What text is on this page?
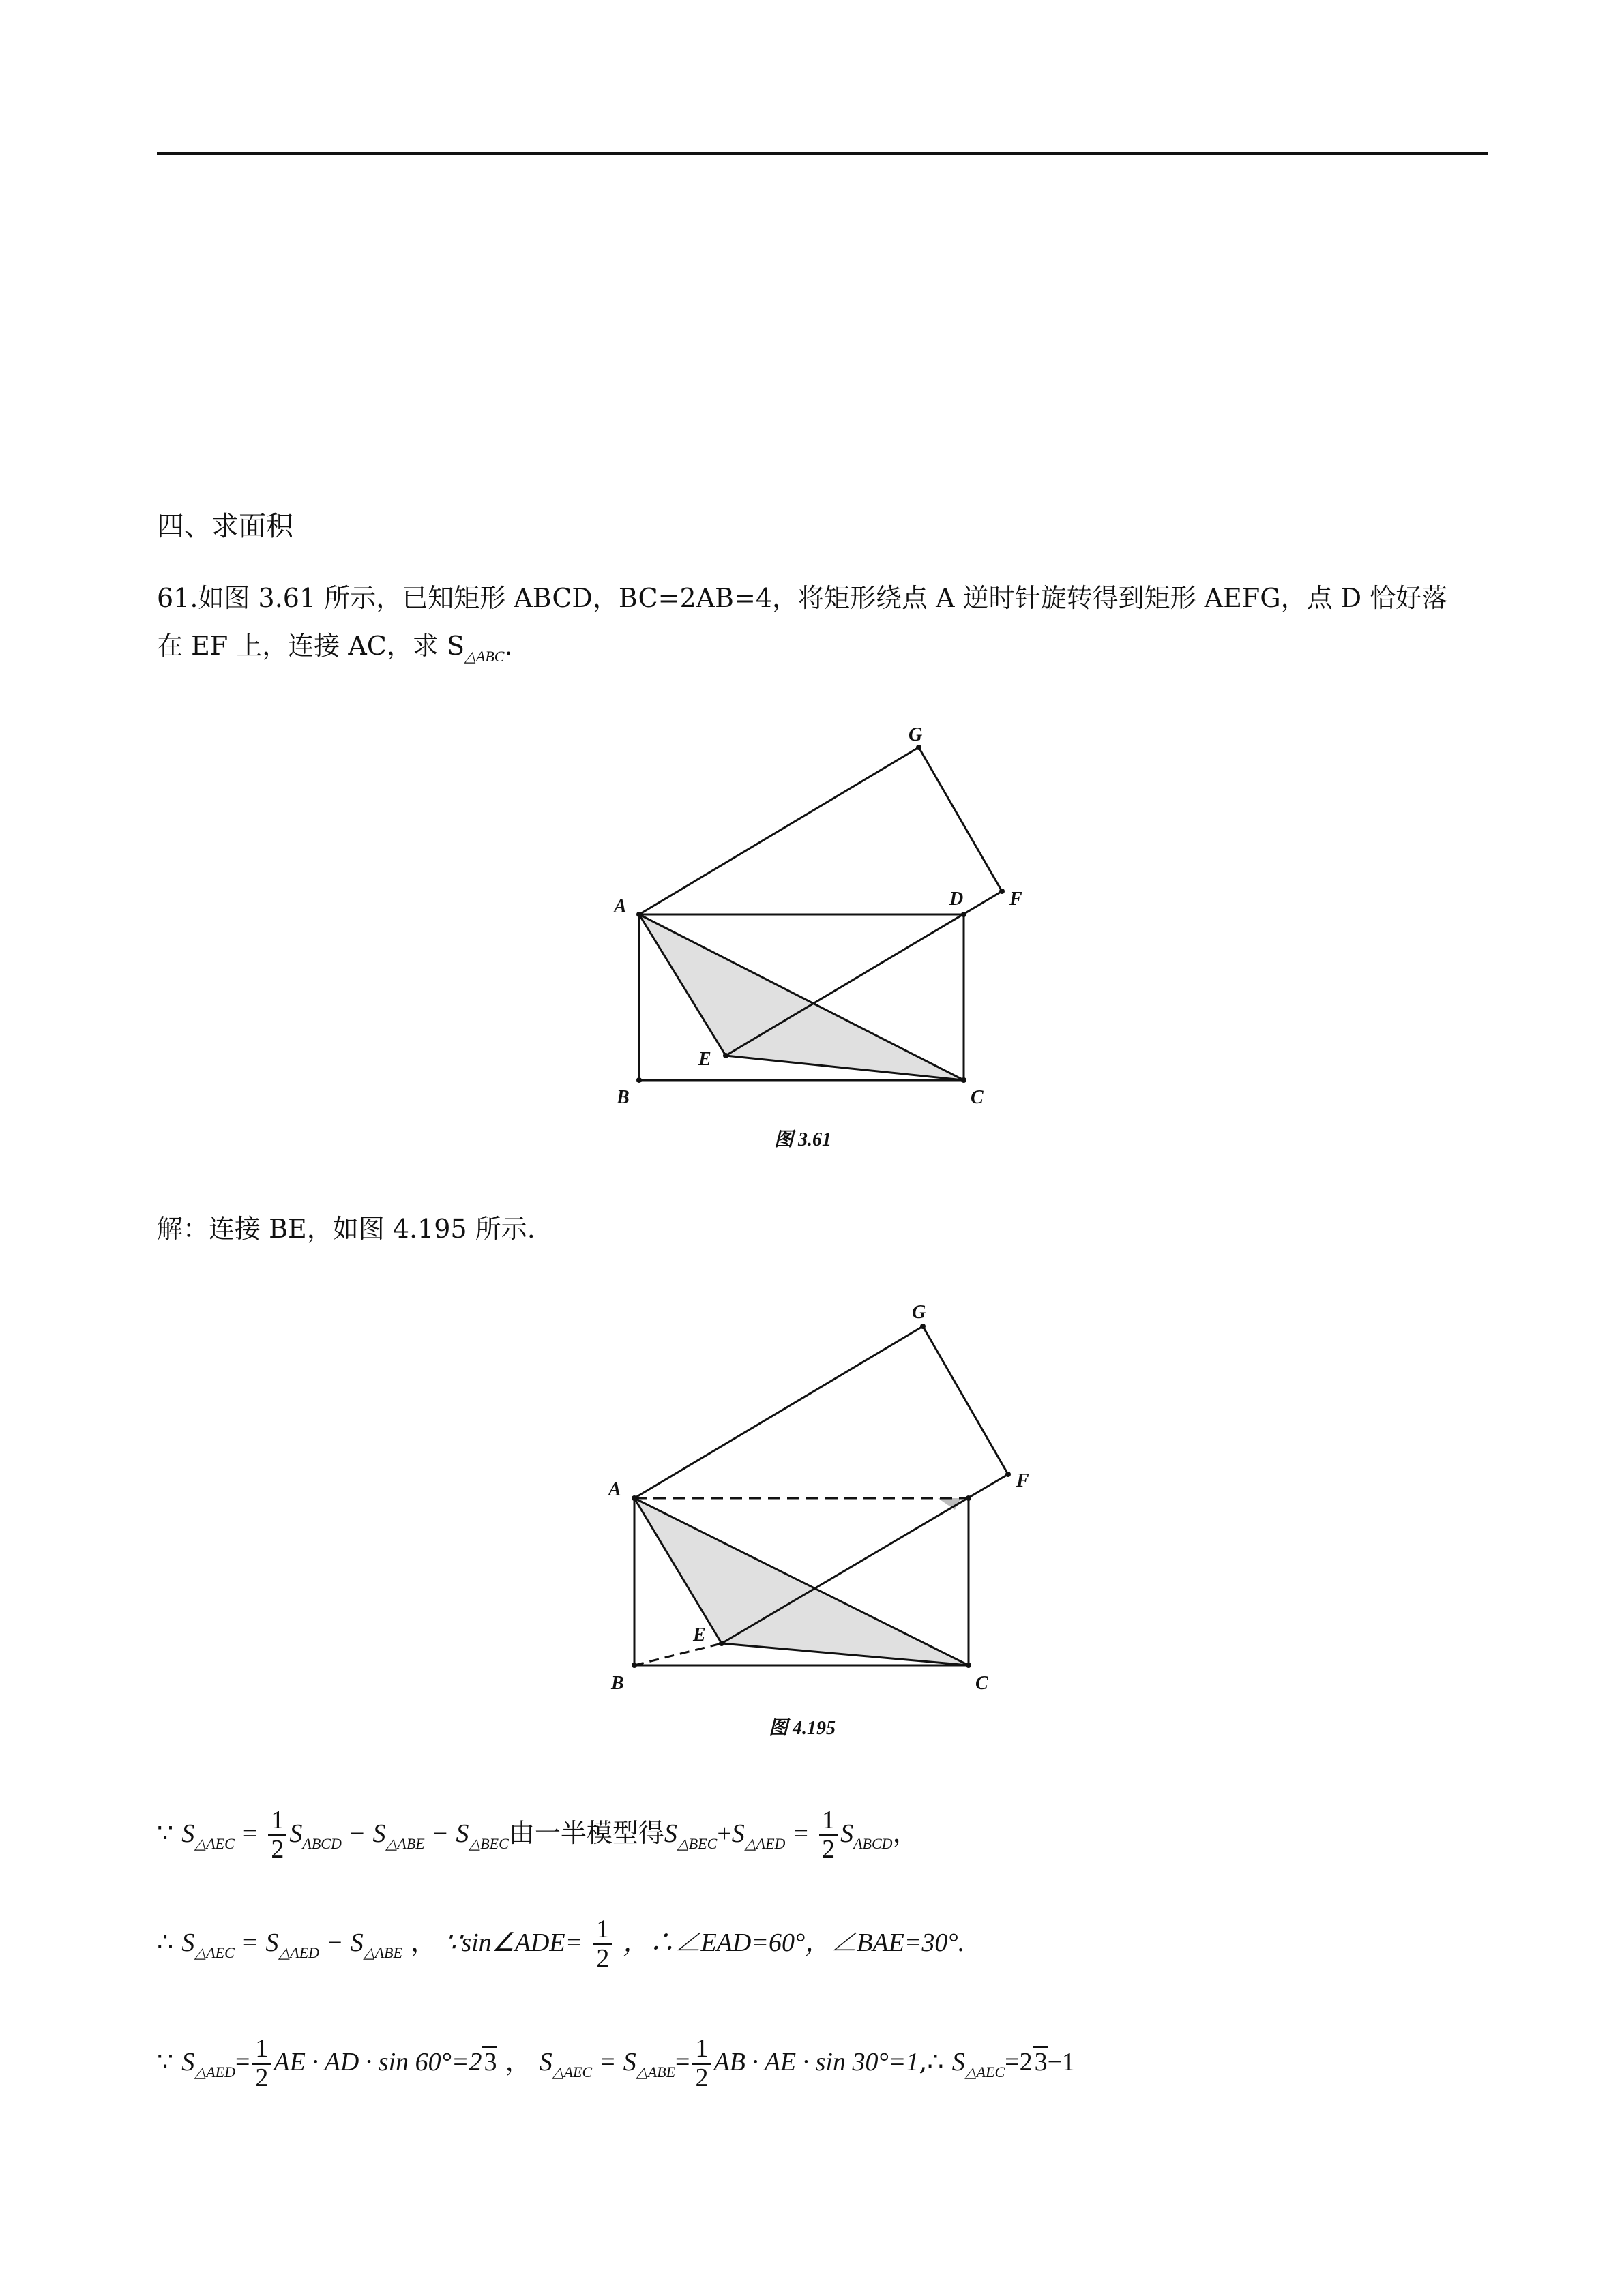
四、求面积
61.如图 3.61 所示，已知矩形 ABCD，BC=2AB=4，将矩形绕点 A 逆时针旋转得到矩形 AEFG，点 D 恰好落
在 EF 上，连接 AC，求 $S_{\triangle ABC}$.
A
B	C
D
E
F
G
图 3.61
解：连接 BE，如图 4.195 所示.
A
B	C
E
F
G
图 4.195
∵ $S_{\triangle AEC} = \frac{1}{2} S_{ABCD} - S_{\triangle ABE} - S_{\triangle BEC}$由一半模型得$S_{\triangle BEC}+S_{\triangle AED} = \frac{1}{2} S_{ABCD}$，
∴ $S_{\triangle AEC} = S_{\triangle AED} - S_{\triangle ABE}$ ， ∵sin∠ADE= $\frac{1}{2}$ ，∴∠EAD=60°，∠BAE=30°.
∵ $S_{\triangle AED}= \frac{1}{2}$ AE · AD · sin 60°=23 ， $S_{\triangle AEC} = S_{\triangle ABE}= \frac{1}{2}$ AB · AE · sin 30°=1,∴ $S_{\triangle AEC}=23-1$
